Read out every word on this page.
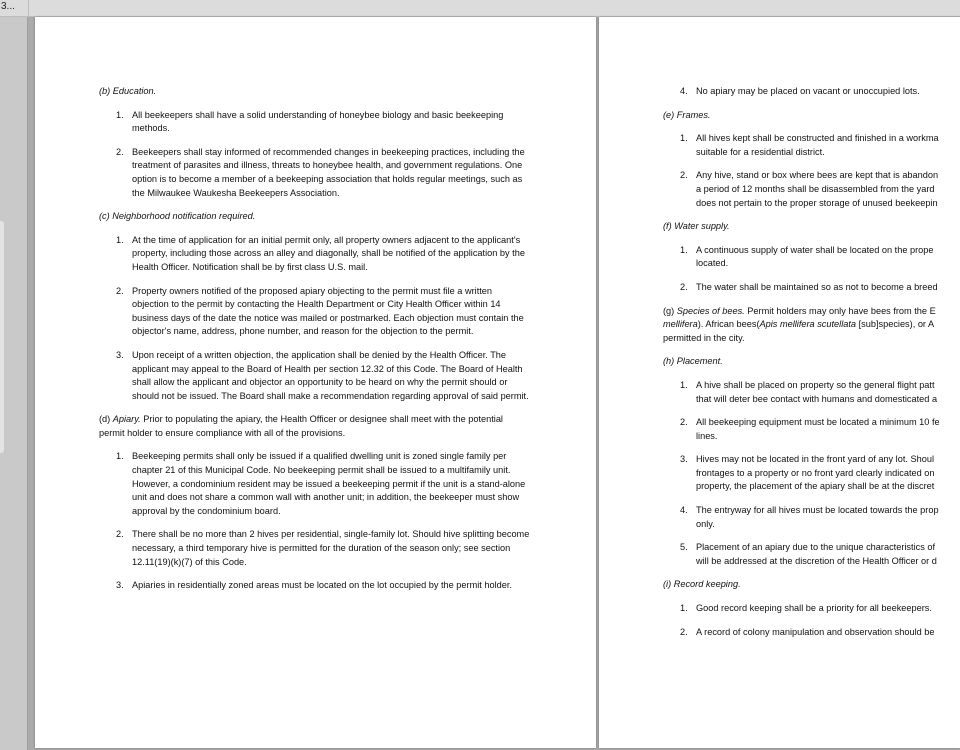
3...
(b) Education.
1. All beekeepers shall have a solid understanding of honeybee biology and basic beekeeping methods.
2. Beekeepers shall stay informed of recommended changes in beekeeping practices, including the treatment of parasites and illness, threats to honeybee health, and government regulations. One option is to become a member of a beekeeping association that holds regular meetings, such as the Milwaukee Waukesha Beekeepers Association.
(c) Neighborhood notification required.
1. At the time of application for an initial permit only, all property owners adjacent to the applicant's property, including those across an alley and diagonally, shall be notified of the application by the Health Officer. Notification shall be by first class U.S. mail.
2. Property owners notified of the proposed apiary objecting to the permit must file a written objection to the permit by contacting the Health Department or City Health Officer within 14 business days of the date the notice was mailed or postmarked. Each objection must contain the objector's name, address, phone number, and reason for the objection to the permit.
3. Upon receipt of a written objection, the application shall be denied by the Health Officer. The applicant may appeal to the Board of Health per section 12.32 of this Code. The Board of Health shall allow the applicant and objector an opportunity to be heard on why the permit should or should not be issued. The Board shall make a recommendation regarding approval of said permit.
(d) Apiary. Prior to populating the apiary, the Health Officer or designee shall meet with the potential permit holder to ensure compliance with all of the provisions.
1. Beekeeping permits shall only be issued if a qualified dwelling unit is zoned single family per chapter 21 of this Municipal Code. No beekeeping permit shall be issued to a multifamily unit. However, a condominium resident may be issued a beekeeping permit if the unit is a stand-alone unit and does not share a common wall with another unit; in addition, the beekeeper must show approval by the condominium board.
2. There shall be no more than 2 hives per residential, single-family lot. Should hive splitting become necessary, a third temporary hive is permitted for the duration of the season only; see section 12.11(19)(k)(7) of this Code.
3. Apiaries in residentially zoned areas must be located on the lot occupied by the permit holder.
4. No apiary may be placed on vacant or unoccupied lots.
(e) Frames.
1. All hives kept shall be constructed and finished in a workma
suitable for a residential district.
2. Any hive, stand or box where bees are kept that is abandon
a period of 12 months shall be disassembled from the yard
does not pertain to the proper storage of unused beekeepin
(f) Water supply.
1. A continuous supply of water shall be located on the prope
located.
2. The water shall be maintained so as not to become a breed
(g) Species of bees. Permit holders may only have bees from the E
mellifera). African bees(Apis mellifera scutellata [sub]species), or A
permitted in the city.
(h) Placement.
1. A hive shall be placed on property so the general flight patt
that will deter bee contact with humans and domesticated a
2. All beekeeping equipment must be located a minimum 10 fe
lines.
3. Hives may not be located in the front yard of any lot. Shoul
frontages to a property or no front yard clearly indicated on
property, the placement of the apiary shall be at the discret
4. The entryway for all hives must be located towards the prop
only.
5. Placement of an apiary due to the unique characteristics of
will be addressed at the discretion of the Health Officer or d
(i) Record keeping.
1. Good record keeping shall be a priority for all beekeepers.
2. A record of colony manipulation and observation should be
